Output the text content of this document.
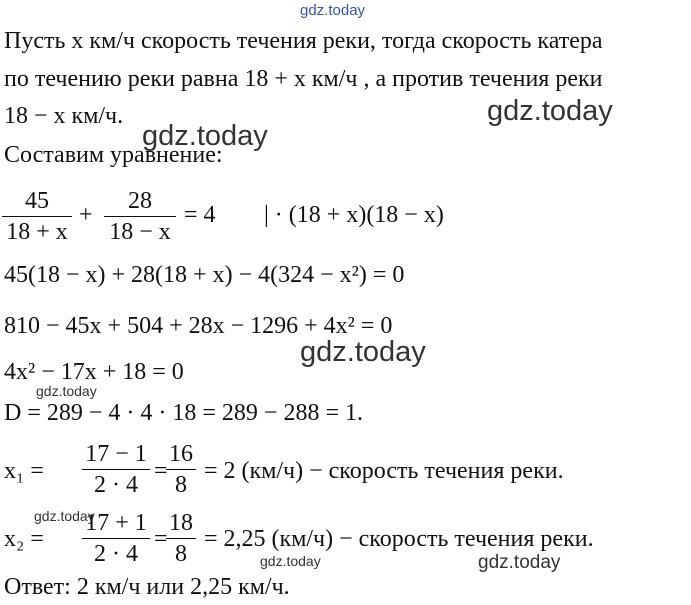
gdz.today
gdz.today
gdz.today
gdz.today
gdz.today
gdz.today
gdz.today	gdz.today
Пусть x км/ч скорость течения реки, тогда скорость катера
по течению реки равна 18 + x км/ч , а против течения реки
18 − x км/ч.
Составим уравнение:
45
18 + x
+
28
18 − x
= 4 | · (18 + x)(18 − x)
45(18 − x) + 28(18 + x) − 4(324 − x²) = 0
810 − 45x + 504 + 28x − 1296 + 4x² = 0
4x² − 17x + 18 = 0
D = 289 − 4 · 4 · 18 = 289 − 288 = 1.
x₁ =
17 − 1
2 · 4
=
16
8
= 2 (км/ч) − скорость течения реки.
x₂ =
17 + 1
2 · 4
=
18
8
= 2,25 (км/ч) − скорость течения реки.
Ответ: 2 км/ч или 2,25 км/ч.
